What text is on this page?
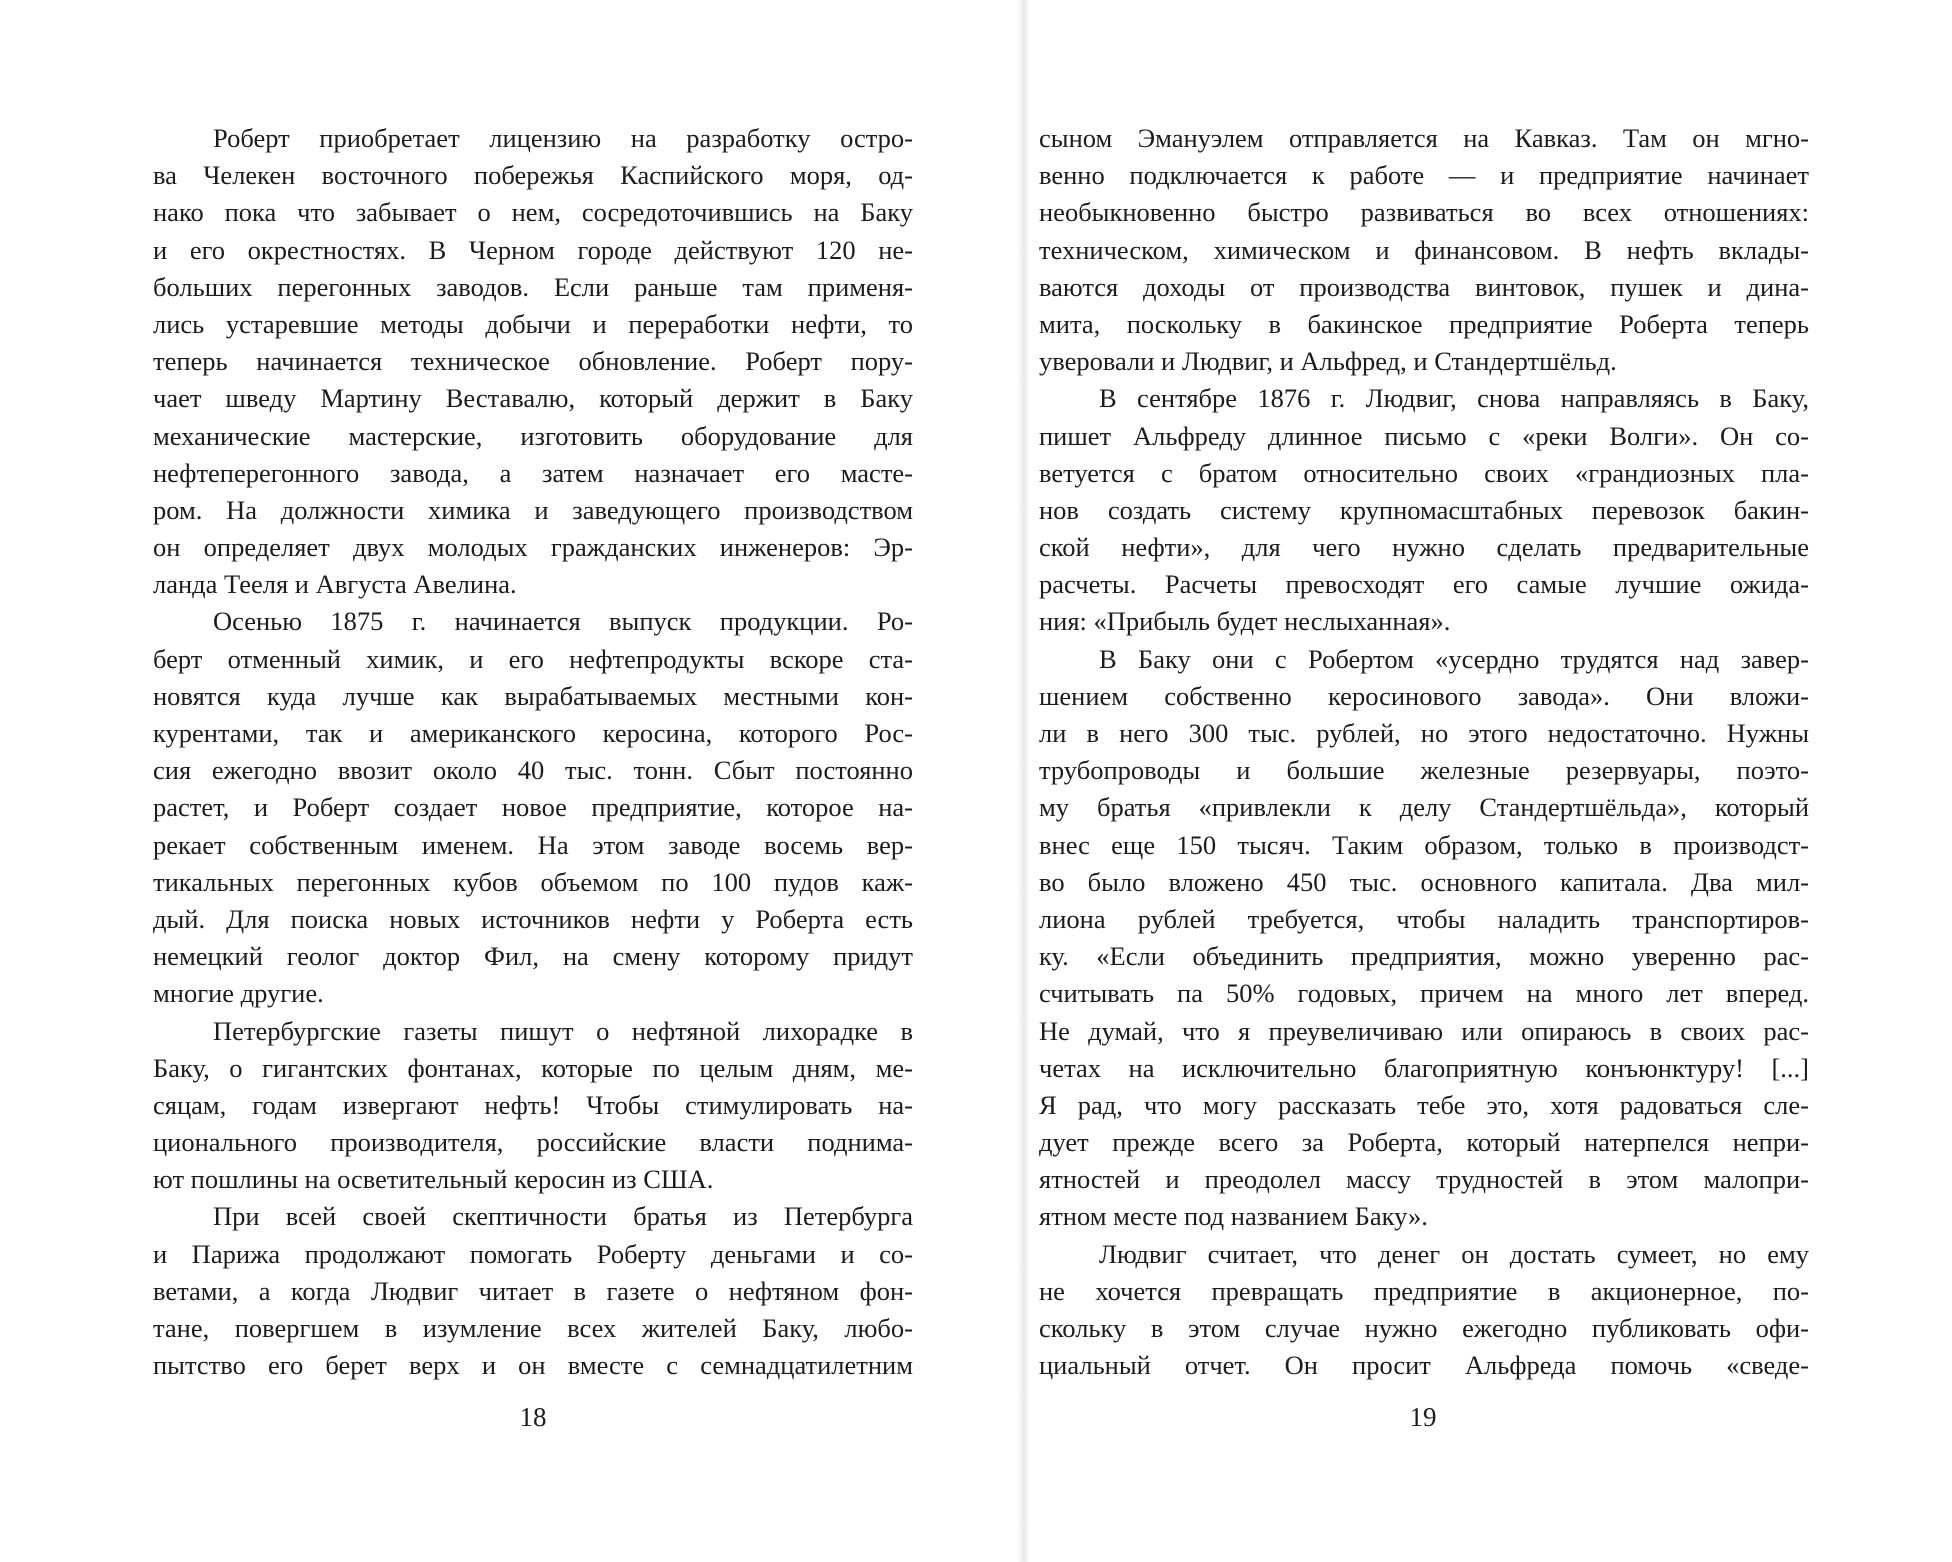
Роберт приобретает лицензию на разработку остро-
ва Челекен восточного побережья Каспийского моря, од-
нако пока что забывает о нем, сосредоточившись на Баку
и его окрестностях. В Черном городе действуют 120 не-
больших перегонных заводов. Если раньше там применя-
лись устаревшие методы добычи и переработки нефти, то
теперь начинается техническое обновление. Роберт пору-
чает шведу Мартину Веставалю, который держит в Баку
механические мастерские, изготовить оборудование для
нефтеперегонного завода, а затем назначает его масте-
ром. На должности химика и заведующего производством
он определяет двух молодых гражданских инженеров: Эр-
ланда Тееля и Августа Авелина.
Осенью 1875 г. начинается выпуск продукции. Ро-
берт отменный химик, и его нефтепродукты вскоре ста-
новятся куда лучше как вырабатываемых местными кон-
курентами, так и американского керосина, которого Рос-
сия ежегодно ввозит около 40 тыс. тонн. Сбыт постоянно
растет, и Роберт создает новое предприятие, которое на-
рекает собственным именем. На этом заводе восемь вер-
тикальных перегонных кубов объемом по 100 пудов каж-
дый. Для поиска новых источников нефти у Роберта есть
немецкий геолог доктор Фил, на смену которому придут
многие другие.
Петербургские газеты пишут о нефтяной лихорадке в
Баку, о гигантских фонтанах, которые по целым дням, ме-
сяцам, годам извергают нефть! Чтобы стимулировать на-
ционального производителя, российские власти поднима-
ют пошлины на осветительный керосин из США.
При всей своей скептичности братья из Петербурга
и Парижа продолжают помогать Роберту деньгами и со-
ветами, а когда Людвиг читает в газете о нефтяном фон-
тане, повергшем в изумление всех жителей Баку, любо-
пытство его берет верх и он вместе с семнадцатилетним
18
сыном Эмануэлем отправляется на Кавказ. Там он мгно-
венно подключается к работе — и предприятие начинает
необыкновенно быстро развиваться во всех отношениях:
техническом, химическом и финансовом. В нефть вклады-
ваются доходы от производства винтовок, пушек и дина-
мита, поскольку в бакинское предприятие Роберта теперь
уверовали и Людвиг, и Альфред, и Стандертшёльд.
В сентябре 1876 г. Людвиг, снова направляясь в Баку,
пишет Альфреду длинное письмо с «реки Волги». Он со-
ветуется с братом относительно своих «грандиозных пла-
нов создать систему крупномасштабных перевозок бакин-
ской нефти», для чего нужно сделать предварительные
расчеты. Расчеты превосходят его самые лучшие ожида-
ния: «Прибыль будет неслыханная».
В Баку они с Робертом «усердно трудятся над завер-
шением собственно керосинового завода». Они вложи-
ли в него 300 тыс. рублей, но этого недостаточно. Нужны
трубопроводы и большие железные резервуары, поэто-
му братья «привлекли к делу Стандертшёльда», который
внес еще 150 тысяч. Таким образом, только в производст-
во было вложено 450 тыс. основного капитала. Два мил-
лиона рублей требуется, чтобы наладить транспортиров-
ку. «Если объединить предприятия, можно уверенно рас-
считывать па 50% годовых, причем на много лет вперед.
Не думай, что я преувеличиваю или опираюсь в своих рас-
четах на исключительно благоприятную конъюнктуру! [...]
Я рад, что могу рассказать тебе это, хотя радоваться сле-
дует прежде всего за Роберта, который натерпелся непри-
ятностей и преодолел массу трудностей в этом малопри-
ятном месте под названием Баку».
Людвиг считает, что денег он достать сумеет, но ему
не хочется превращать предприятие в акционерное, по-
скольку в этом случае нужно ежегодно публиковать офи-
циальный отчет. Он просит Альфреда помочь «сведе-
19
